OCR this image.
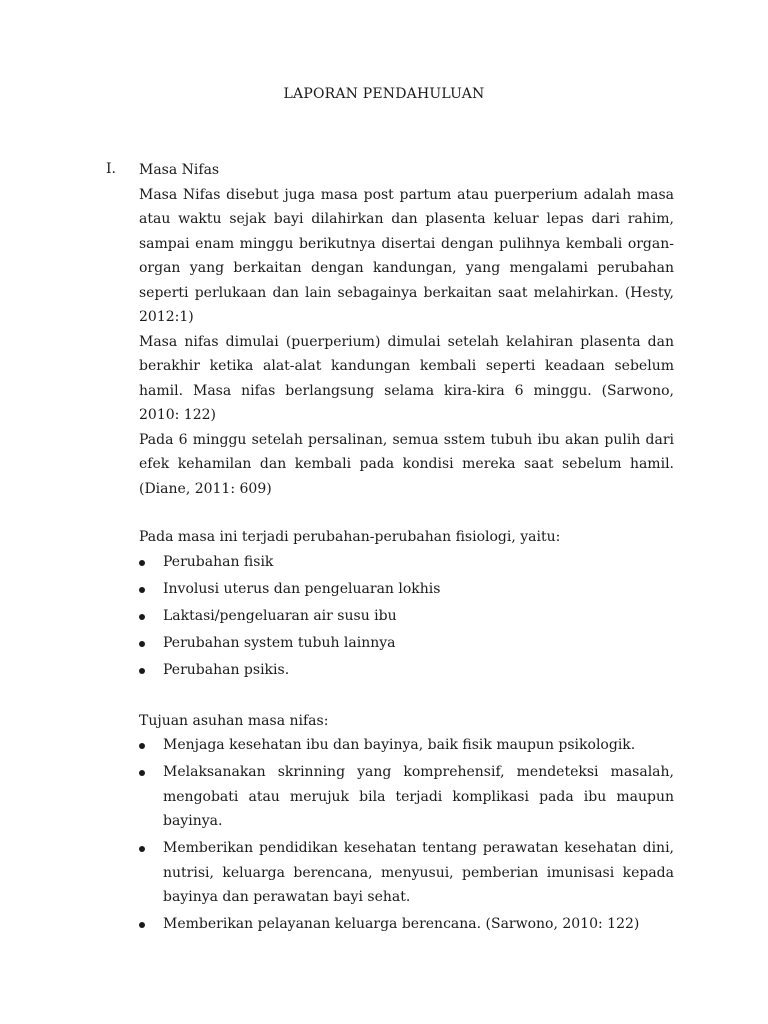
LAPORAN PENDAHULUAN
I. Masa Nifas

Masa Nifas disebut juga masa post partum atau puerperium adalah masa atau waktu sejak bayi dilahirkan dan plasenta keluar lepas dari rahim, sampai enam minggu berikutnya disertai dengan pulihnya kembali organ-organ yang berkaitan dengan kandungan, yang mengalami perubahan seperti perlukaan dan lain sebagainya berkaitan saat melahirkan. (Hesty, 2012:1)

Masa nifas dimulai (puerperium) dimulai setelah kelahiran plasenta dan berakhir ketika alat-alat kandungan kembali seperti keadaan sebelum hamil. Masa nifas berlangsung selama kira-kira 6 minggu. (Sarwono, 2010: 122)

Pada 6 minggu setelah persalinan, semua sstem tubuh ibu akan pulih dari efek kehamilan dan kembali pada kondisi mereka saat sebelum hamil. (Diane, 2011: 609)

Pada masa ini terjadi perubahan-perubahan fisiologi, yaitu:

Perubahan fisik
Involusi uterus dan pengeluaran lokhis
Laktasi/pengeluaran air susu ibu
Perubahan system tubuh lainnya
Perubahan psikis.

Tujuan asuhan masa nifas:

Menjaga kesehatan ibu dan bayinya, baik fisik maupun psikologik.
Melaksanakan skrinning yang komprehensif, mendeteksi masalah, mengobati atau merujuk bila terjadi komplikasi pada ibu maupun bayinya.
Memberikan pendidikan kesehatan tentang perawatan kesehatan dini, nutrisi, keluarga berencana, menyusui, pemberian imunisasi kepada bayinya dan perawatan bayi sehat.
Memberikan pelayanan keluarga berencana. (Sarwono, 2010: 122)
